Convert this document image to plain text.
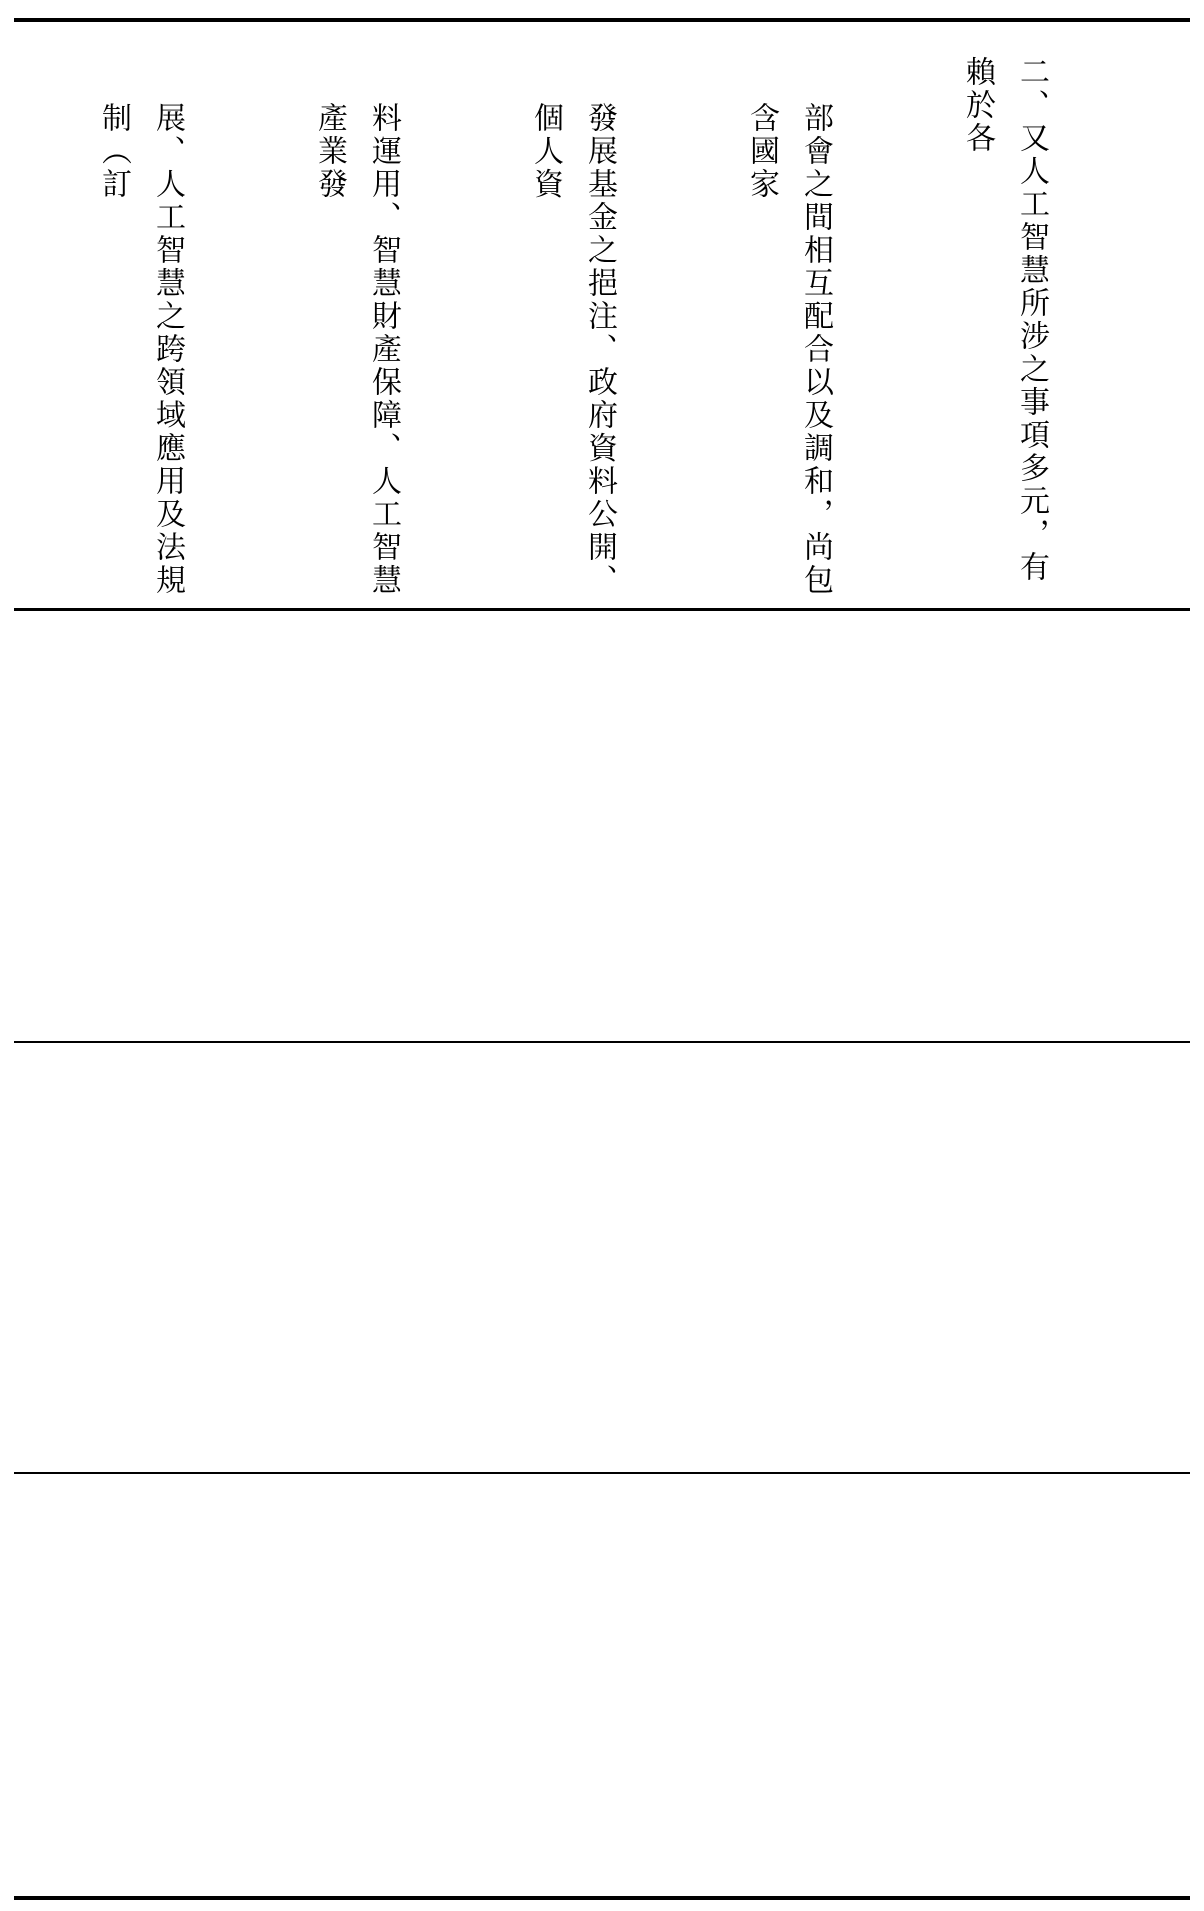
二、又人工智慧所涉之事項多元，有賴於各

部會之間相互配合以及調和，尚包含國家

發展基金之挹注、政府資料公開、個人資

料運用、智慧財產保障、人工智慧產業發

展、人工智慧之跨領域應用及法規制（訂
